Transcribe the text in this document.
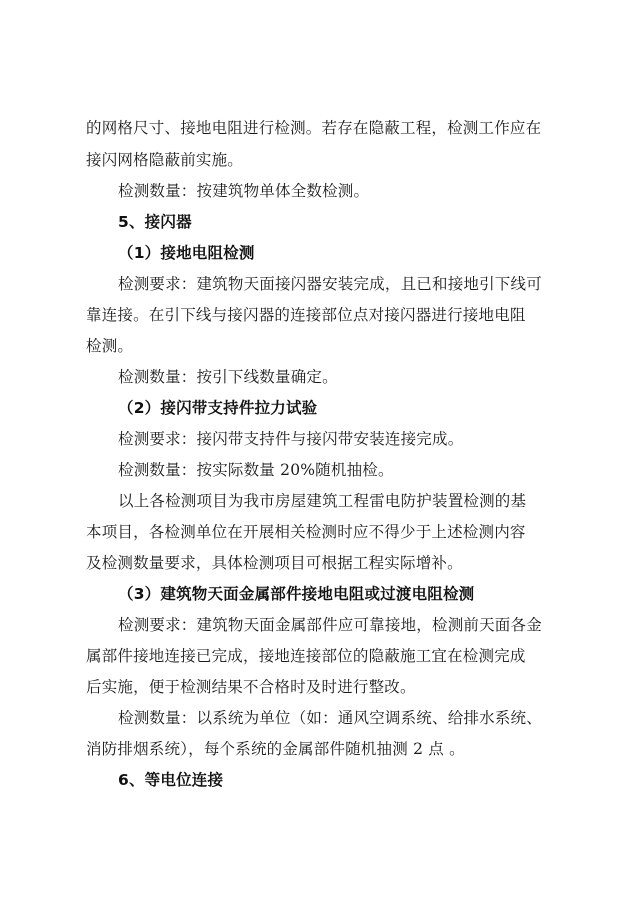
的网格尺寸、接地电阻进行检测。若存在隐蔽工程，检测工作应在
接闪网格隐蔽前实施。
检测数量：按建筑物单体全数检测。
5、接闪器
（1）接地电阻检测
检测要求：建筑物天面接闪器安装完成，且已和接地引下线可
靠连接。在引下线与接闪器的连接部位点对接闪器进行接地电阻
检测。
检测数量：按引下线数量确定。
（2）接闪带支持件拉力试验
检测要求：接闪带支持件与接闪带安装连接完成。
检测数量：按实际数量 20%随机抽检。
以上各检测项目为我市房屋建筑工程雷电防护装置检测的基
本项目，各检测单位在开展相关检测时应不得少于上述检测内容
及检测数量要求，具体检测项目可根据工程实际增补。
（3）建筑物天面金属部件接地电阻或过渡电阻检测
检测要求：建筑物天面金属部件应可靠接地，检测前天面各金
属部件接地连接已完成，接地连接部位的隐蔽施工宜在检测完成
后实施，便于检测结果不合格时及时进行整改。
检测数量：以系统为单位（如：通风空调系统、给排水系统、
消防排烟系统），每个系统的金属部件随机抽测 2 点 。
6、等电位连接
